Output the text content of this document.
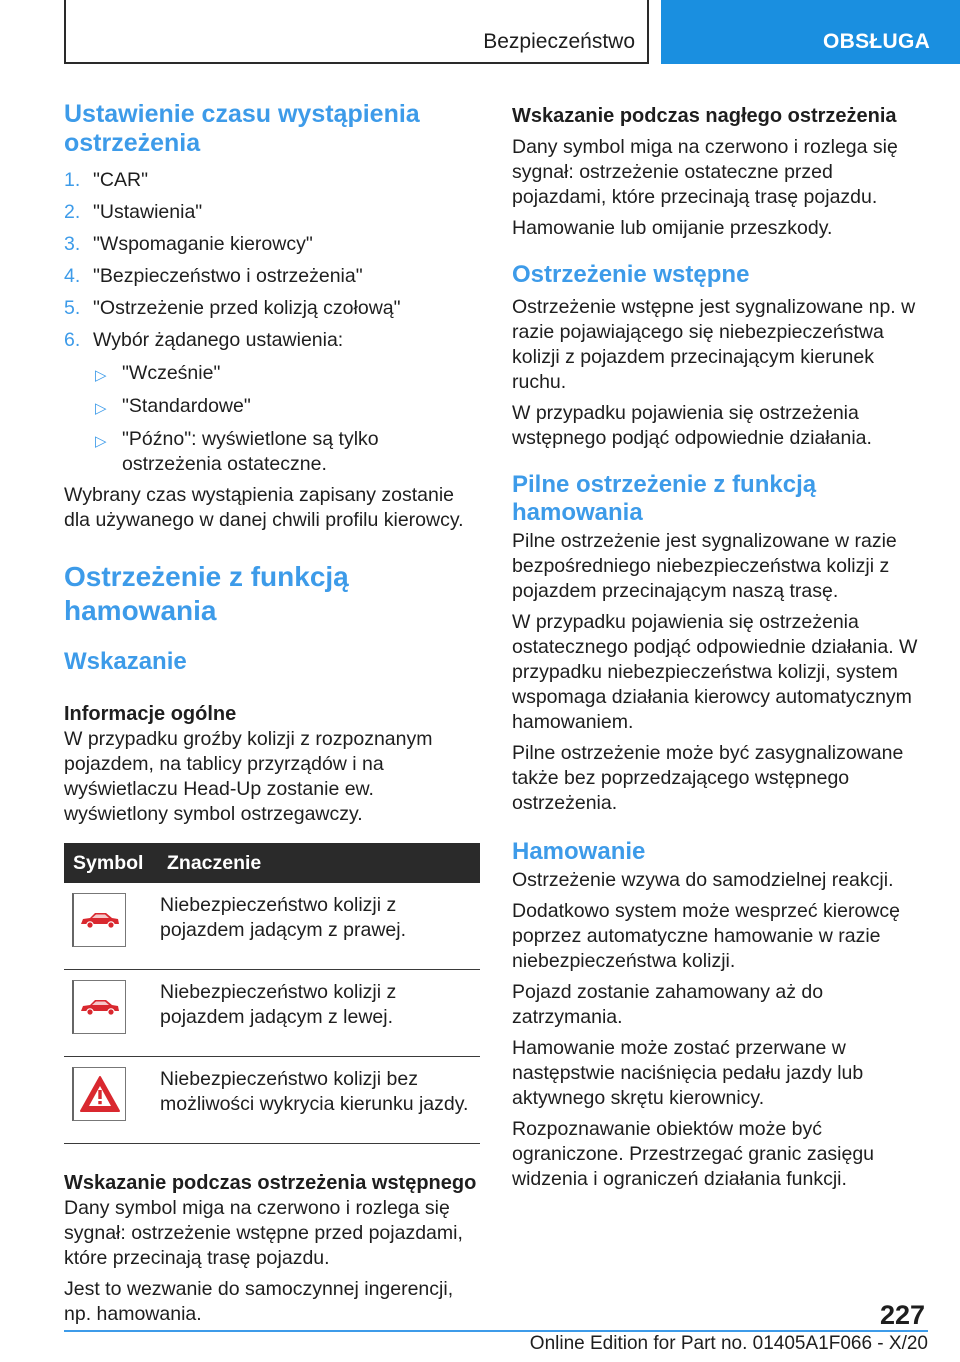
Bezpieczeństwo	OBSŁUGA
Ustawienie czasu wystąpienia ostrzeżenia
1. "CAR"
2. "Ustawienia"
3. "Wspomaganie kierowcy"
4. "Bezpieczeństwo i ostrzeżenia"
5. "Ostrzeżenie przed kolizją czołową"
6. Wybór żądanego ustawienia:
▷ "Wcześnie"
▷ "Standardowe"
▷ "Późno": wyświetlone są tylko ostrzeżenia ostateczne.

Wybrany czas wystąpienia zapisany zostanie dla używanego w danej chwili profilu kierowcy.

Ostrzeżenie z funkcją hamowania
Wskazanie
Informacje ogólne

W przypadku groźby kolizji z rozpoznanym pojazdem, na tablicy przyrządów i na wyświetlaczu Head-Up zostanie ew. wyświetlony symbol ostrzegawczy.

Symbol	Znaczenie

	Niebezpieczeństwo kolizji z pojazdem jadącym z prawej.

	Niebezpieczeństwo kolizji z pojazdem jadącym z lewej.

	Niebezpieczeństwo kolizji bez możliwości wykrycia kierunku jazdy.
Wskazanie podczas ostrzeżenia wstępnego

Dany symbol miga na czerwono i rozlega się sygnał: ostrzeżenie wstępne przed pojazdami, które przecinają trasę pojazdu.

Jest to wezwanie do samoczynnej ingerencji, np. hamowania.

Wskazanie podczas nagłego ostrzeżenia

Dany symbol miga na czerwono i rozlega się sygnał: ostrzeżenie ostateczne przed pojazdami, które przecinają trasę pojazdu.

Hamowanie lub omijanie przeszkody.

Ostrzeżenie wstępne

Ostrzeżenie wstępne jest sygnalizowane np. w razie pojawiającego się niebezpieczeństwa kolizji z pojazdem przecinającym kierunek ruchu.

W przypadku pojawienia się ostrzeżenia wstępnego podjąć odpowiednie działania.

Pilne ostrzeżenie z funkcją hamowania

Pilne ostrzeżenie jest sygnalizowane w razie bezpośredniego niebezpieczeństwa kolizji z pojazdem przecinającym naszą trasę.

W przypadku pojawienia się ostrzeżenia ostatecznego podjąć odpowiednie działania. W przypadku niebezpieczeństwa kolizji, system wspomaga działania kierowcy automatycznym hamowaniem.

Pilne ostrzeżenie może być zasygnalizowane także bez poprzedzającego wstępnego ostrzeżenia.

Hamowanie

Ostrzeżenie wzywa do samodzielnej reakcji.

Dodatkowo system może wesprzeć kierowcę poprzez automatyczne hamowanie w razie niebezpieczeństwa kolizji.

Pojazd zostanie zahamowany aż do zatrzymania.

Hamowanie może zostać przerwane w następstwie naciśnięcia pedału jazdy lub aktywnego skrętu kierownicy.

Rozpoznawanie obiektów może być ograniczone. Przestrzegać granic zasięgu widzenia i ograniczeń działania funkcji.

227
Online Edition for Part no. 01405A1F066 - X/20
